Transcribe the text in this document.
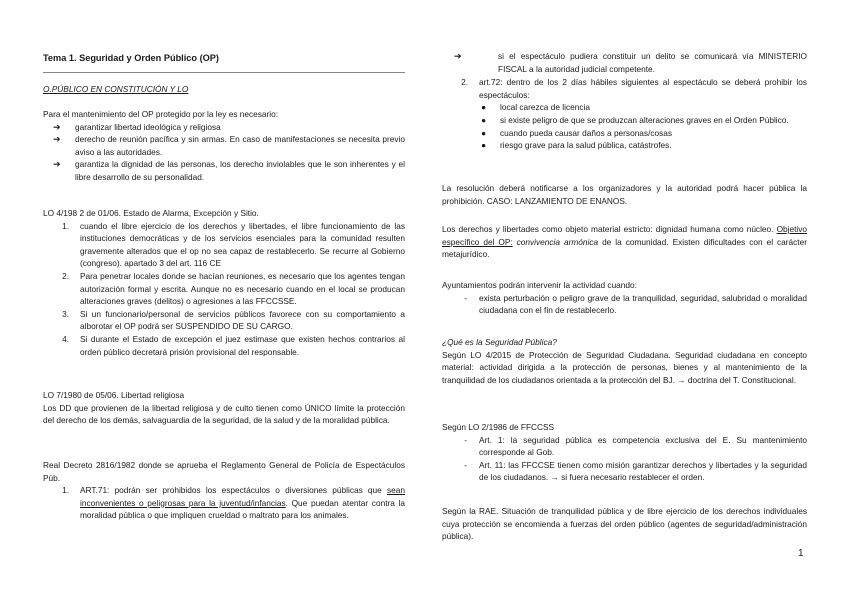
Tema 1. Seguridad y Orden Público (OP)
O.PÚBLICO EN CONSTITUCIÓN Y LO

Para el mantenimiento del OP protegido por la ley es necesario:

➔	garantizar libertad ideológica y religiosa
➔	derecho de reunión pacífica y sin armas. En caso de manifestaciones se necesita previo aviso a las autoridades.
➔	garantiza la dignidad de las personas, los derecho inviolables que le son inherentes y el libre desarrollo de su personalidad.

LO 4/198 2 de 01/06. Estado de Alarma, Excepción y Sitio.

1.	cuando el libre ejercicio de los derechos y libertades, el libre funcionamiento de las instituciones democráticas y de los servicios esenciales para la comunidad resulten gravemente alterados que el op no sea capaz de restablecerlo. Se recurre al Gobierno (congreso). apartado 3 del art. 116 CE
2.	Para penetrar locales donde se hacían reuniones, es necesario que los agentes tengan autorización formal y escrita. Aunque no es necesario cuando en el local se producan alteraciones graves (delitos) o agresiones a las FFCCSSE.
3.	Si un funcionario/personal de servicios públicos favorece con su comportamiento a alborotar el OP podrá ser SUSPENDIDO DE SU CARGO.
4.	Si durante el Estado de excepción el juez estimase que existen hechos contrarios al orden público decretará prisión provisional del responsable.

LO 7/1980 de 05/06. Libertad religiosa

Los DD que provienen de la libertad religiosa y de culto tienen como ÚNICO límite la protección del derecho de los demás, salvaguardia de la seguridad, de la salud y de la moralidad pública.

Real Decreto 2816/1982 donde se aprueba el Reglamento General de Policía de Espectáculos Púb.

1.	ART.71: podrán ser prohibidos los espectáculos o diversiones públicas que sean inconvenientes o peligrosas para la juventud/infancias. Que puedan atentar contra la moralidad pública o que impliquen crueldad o maltrato para los animales.
➔	si el espectáculo pudiera constituir un delito se comunicará vía MINISTERIO FISCAL a la autoridad judicial competente.
2.	art.72: dentro de los 2 días hábiles siguientes al espectáculo se deberá prohibir los espectáculos:
●	local carezca de licencia
●	si existe peligro de que se produzcan alteraciones graves en el Orden Público.
●	cuando pueda causar daños a personas/cosas
●	riesgo grave para la salud pública, catástrofes.

La resolución deberá notificarse a los organizadores y la autoridad podrá hacer pública la prohibición. CASO: LANZAMIENTO DE ENANOS.

Los derechos y libertades como objeto material estricto: dignidad humana como núcleo. Objetivo específico del OP: convivencia armónica de la comunidad. Existen dificultades con el carácter metajurídico.

Ayuntamientos podrán intervenir la actividad cuando:

-	exista perturbación o peligro grave de la tranquilidad, seguridad, salubridad o moralidad ciudadana con el fin de restablecerlo.

¿Qué es la Seguridad Pública?

Según LO 4/2015 de Protección de Seguridad Ciudadana. Seguridad ciudadana en concepto material: actividad dirigida a la protección de personas, bienes y al mantenimiento de la tranquilidad de los ciudadanos orientada a la protección del BJ. → doctrina del T. Constitucional.

Según LO 2/1986 de FFCCSS

-	Art. 1: la seguridad pública es competencia exclusiva del E. Su mantenimiento corresponde al Gob.
-	Art. 11: las FFCCSE tienen como misión garantizar derechos y libertades y la seguridad de los ciudadanos. → si fuera necesario restablecer el orden.

Según la RAE. Situación de tranquilidad pública y de libre ejercicio de los derechos individuales cuya protección se encomienda a fuerzas del orden público (agentes de seguridad/administración pública).

1
